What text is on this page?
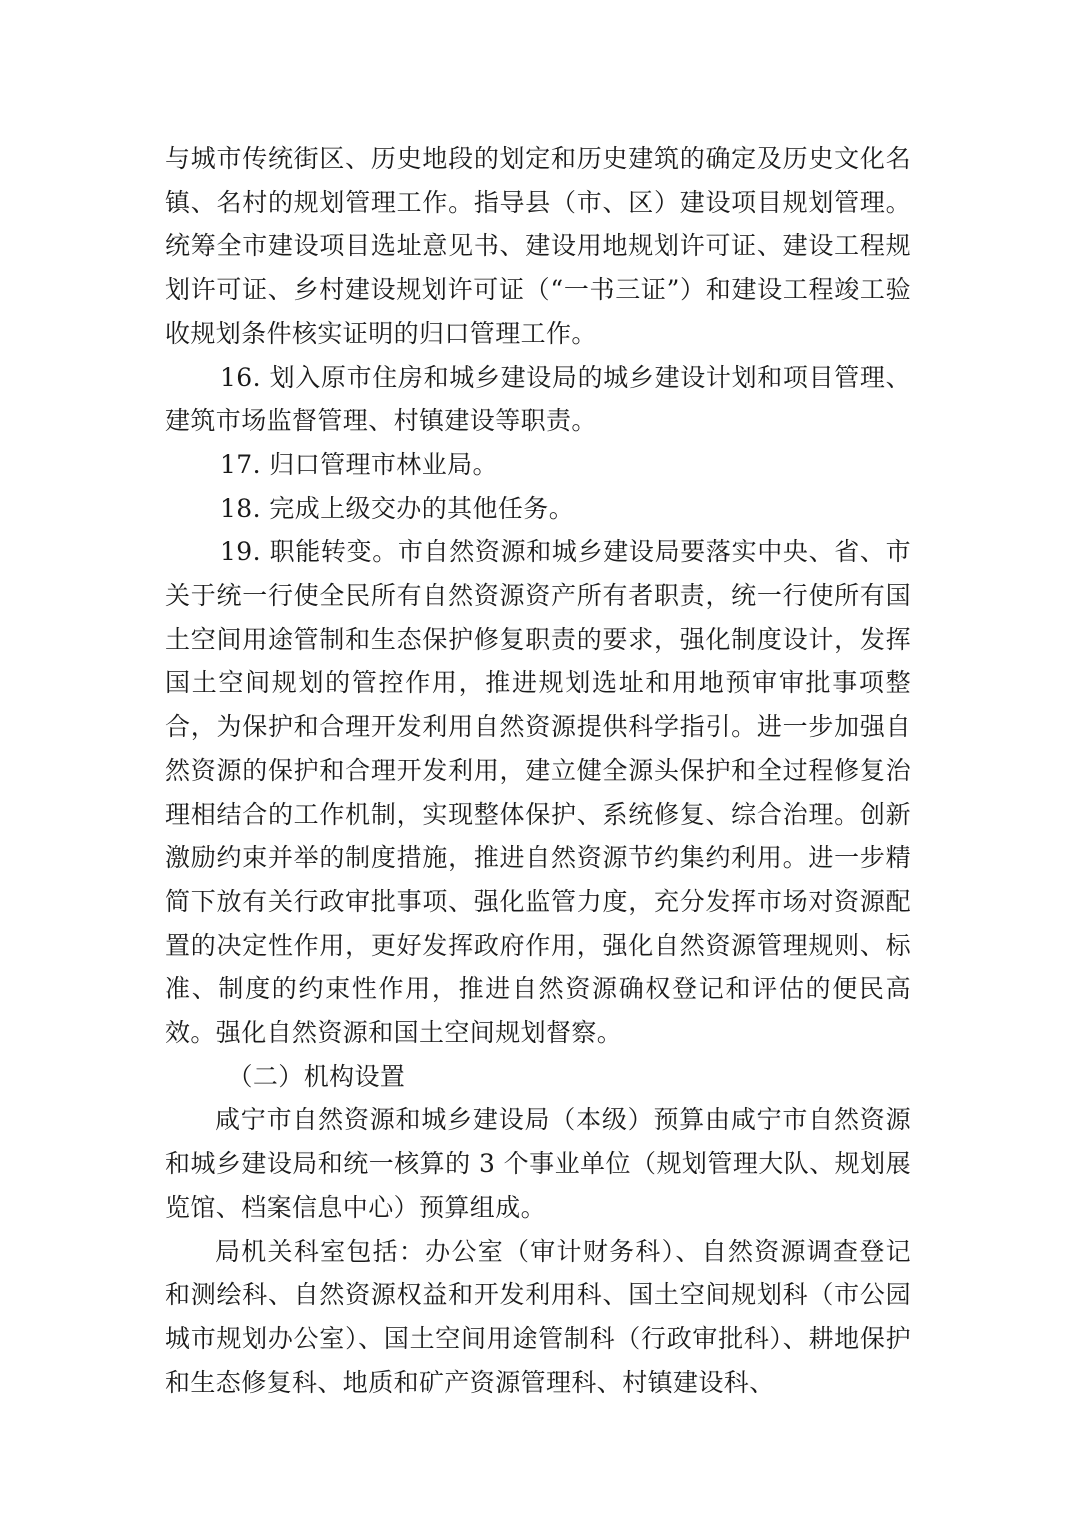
与城市传统街区、历史地段的划定和历史建筑的确定及历史文化名镇、名村的规划管理工作。指导县（市、区）建设项目规划管理。统筹全市建设项目选址意见书、建设用地规划许可证、建设工程规划许可证、乡村建设规划许可证（“一书三证”）和建设工程竣工验收规划条件核实证明的归口管理工作。

16. 划入原市住房和城乡建设局的城乡建设计划和项目管理、建筑市场监督管理、村镇建设等职责。

17. 归口管理市林业局。

18. 完成上级交办的其他任务。

19. 职能转变。市自然资源和城乡建设局要落实中央、省、市关于统一行使全民所有自然资源资产所有者职责，统一行使所有国土空间用途管制和生态保护修复职责的要求，强化制度设计，发挥国土空间规划的管控作用，推进规划选址和用地预审审批事项整合，为保护和合理开发利用自然资源提供科学指引。进一步加强自然资源的保护和合理开发利用，建立健全源头保护和全过程修复治理相结合的工作机制，实现整体保护、系统修复、综合治理。创新激励约束并举的制度措施，推进自然资源节约集约利用。进一步精简下放有关行政审批事项、强化监管力度，充分发挥市场对资源配置的决定性作用，更好发挥政府作用，强化自然资源管理规则、标准、制度的约束性作用，推进自然资源确权登记和评估的便民高效。强化自然资源和国土空间规划督察。

（二）机构设置

咸宁市自然资源和城乡建设局（本级）预算由咸宁市自然资源和城乡建设局和统一核算的 3 个事业单位（规划管理大队、规划展览馆、档案信息中心）预算组成。

局机关科室包括：办公室（审计财务科）、自然资源调查登记和测绘科、自然资源权益和开发利用科、国土空间规划科（市公园城市规划办公室）、国土空间用途管制科（行政审批科）、耕地保护和生态修复科、地质和矿产资源管理科、村镇建设科、
